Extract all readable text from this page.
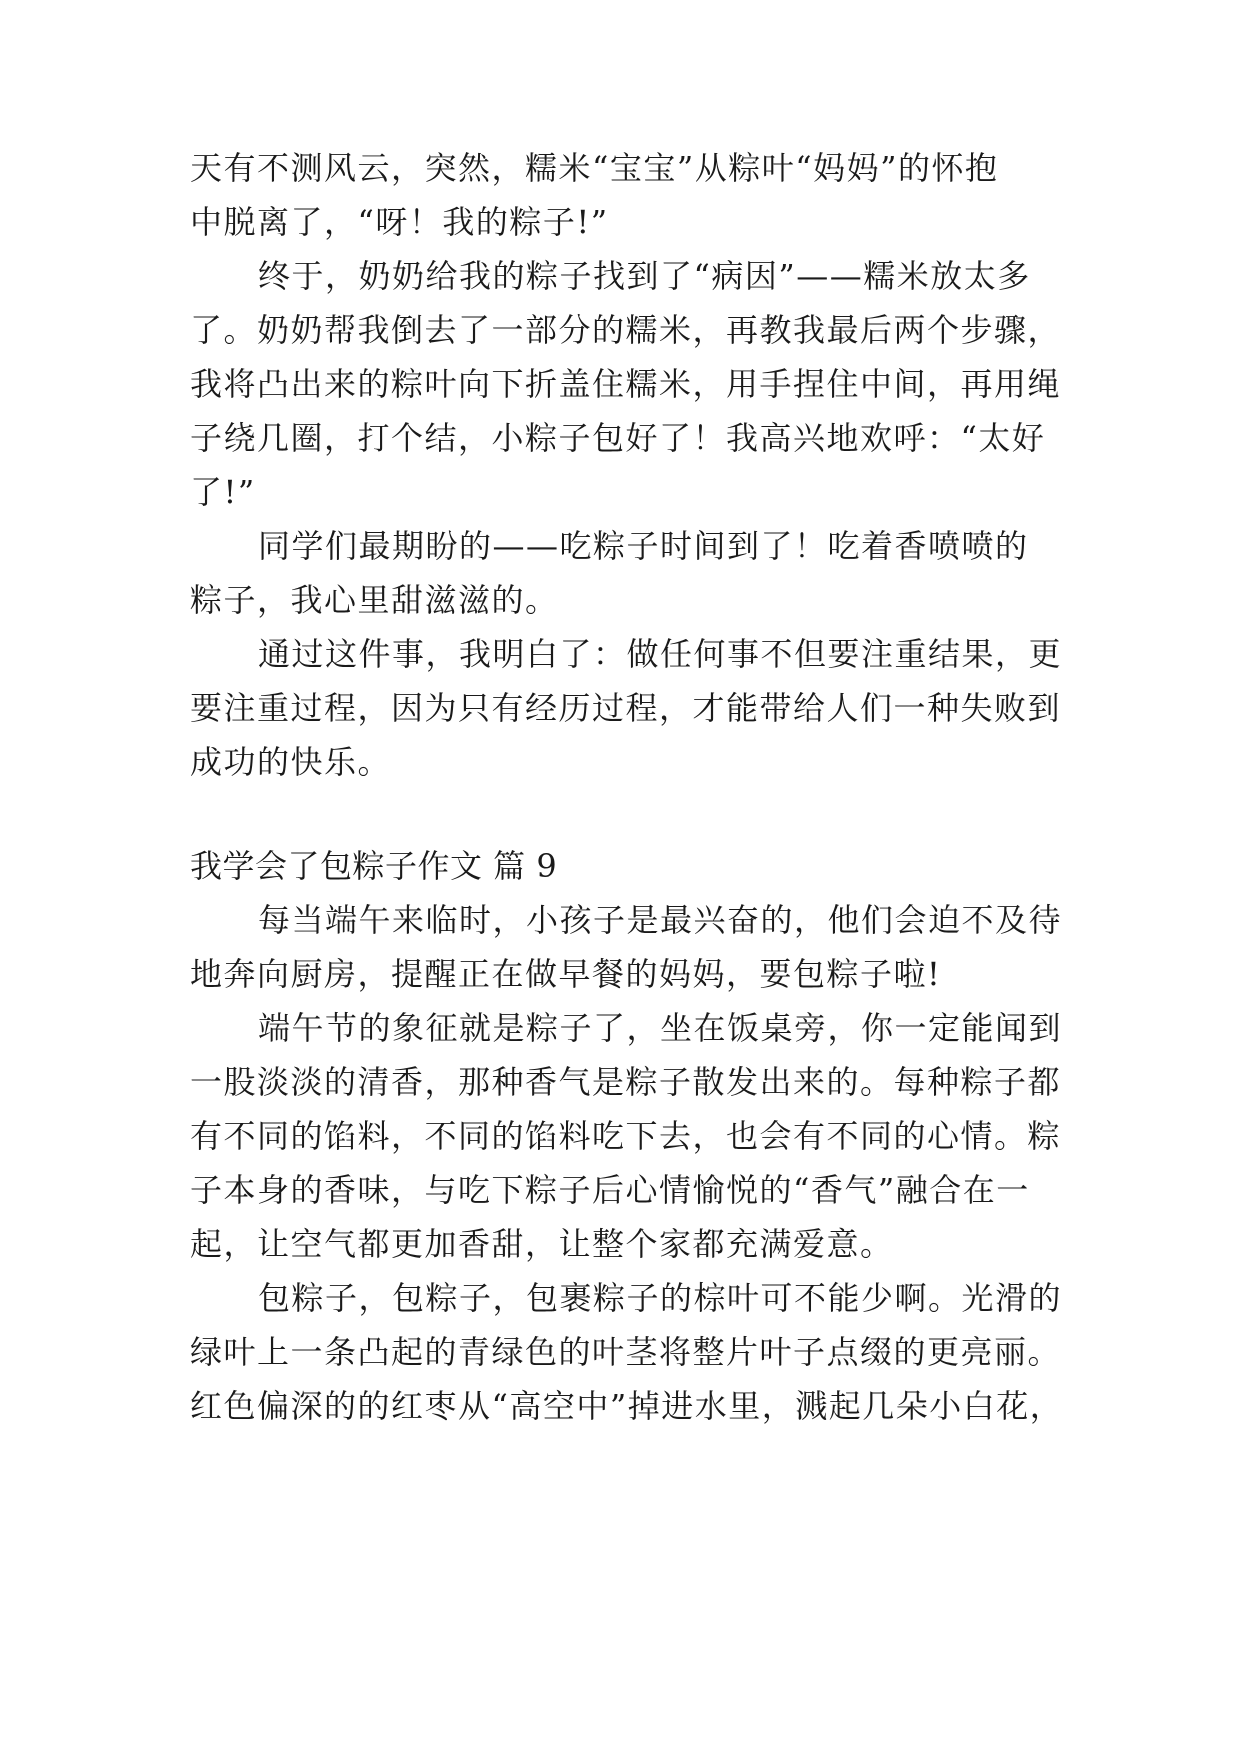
天有不测风云，突然，糯米“宝宝”从粽叶“妈妈”的怀抱

中脱离了，“呀！我的粽子!”

终于，奶奶给我的粽子找到了“病因”——糯米放太多

了。奶奶帮我倒去了一部分的糯米，再教我最后两个步骤，

我将凸出来的粽叶向下折盖住糯米，用手捏住中间，再用绳

子绕几圈，打个结，小粽子包好了！我高兴地欢呼：“太好

了!”

同学们最期盼的——吃粽子时间到了！吃着香喷喷的

粽子，我心里甜滋滋的。

通过这件事，我明白了：做任何事不但要注重结果，更

要注重过程，因为只有经历过程，才能带给人们一种失败到

成功的快乐。

我学会了包粽子作文 篇 9

每当端午来临时，小孩子是最兴奋的，他们会迫不及待

地奔向厨房，提醒正在做早餐的妈妈，要包粽子啦!

端午节的象征就是粽子了，坐在饭桌旁，你一定能闻到

一股淡淡的清香，那种香气是粽子散发出来的。每种粽子都

有不同的馅料，不同的馅料吃下去，也会有不同的心情。粽

子本身的香味，与吃下粽子后心情愉悦的“香气”融合在一

起，让空气都更加香甜，让整个家都充满爱意。

包粽子，包粽子，包裹粽子的棕叶可不能少啊。光滑的

绿叶上一条凸起的青绿色的叶茎将整片叶子点缀的更亮丽。

红色偏深的的红枣从“高空中”掉进水里，溅起几朵小白花，
